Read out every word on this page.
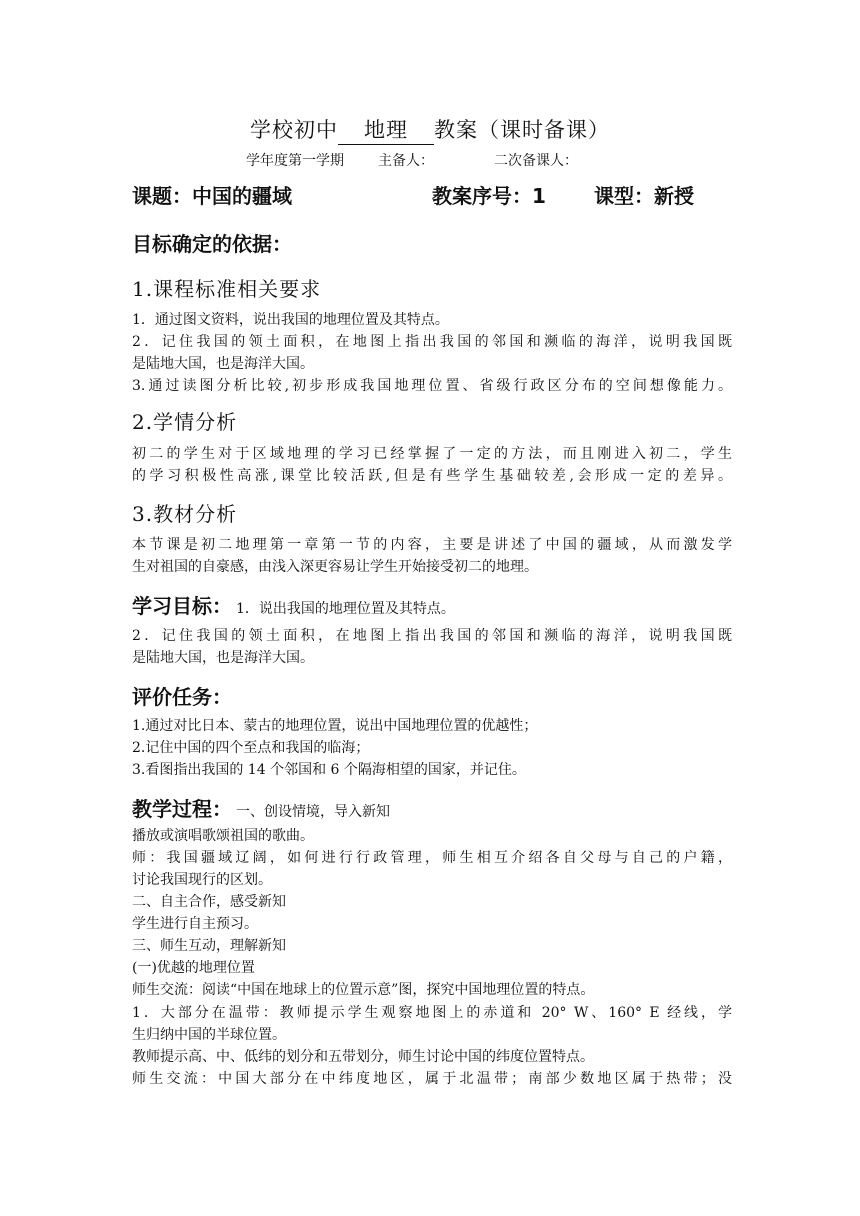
学校初中 地理 教案（课时备课）
学年度第一学期 主备人：	二次备课人：
课题：中国的疆域	教案序号：1 课型：新授
目标确定的依据：
1.课程标准相关要求
1．通过图文资料，说出我国的地理位置及其特点。
2．记住我国的领土面积，在地图上指出我国的邻国和濒临的海洋，说明我国既
是陆地大国，也是海洋大国。
3.通过读图分析比较,初步形成我国地理位置、省级行政区分布的空间想像能力。
2.学情分析
初二的学生对于区域地理的学习已经掌握了一定的方法，而且刚进入初二，学生
的学习积极性高涨,课堂比较活跃,但是有些学生基础较差,会形成一定的差异。
3.教材分析
本节课是初二地理第一章第一节的内容，主要是讲述了中国的疆域，从而激发学
生对祖国的自豪感，由浅入深更容易让学生开始接受初二的地理。
学习目标： 1．说出我国的地理位置及其特点。
2．记住我国的领土面积，在地图上指出我国的邻国和濒临的海洋，说明我国既
是陆地大国，也是海洋大国。
评价任务：
1.通过对比日本、蒙古的地理位置，说出中国地理位置的优越性；
2.记住中国的四个至点和我国的临海；
3.看图指出我国的 14 个邻国和 6 个隔海相望的国家，并记住。
教学过程： 一、创设情境，导入新知
播放或演唱歌颂祖国的歌曲。
师：我国疆域辽阔，如何进行行政管理，师生相互介绍各自父母与自己的户籍，
讨论我国现行的区划。
二、自主合作，感受新知
学生进行自主预习。
三、师生互动，理解新知
(一)优越的地理位置
师生交流：阅读“中国在地球上的位置示意”图，探究中国地理位置的特点。
1．大部分在温带：教师提示学生观察地图上的赤道和 20° W、160° E 经线，学
生归纳中国的半球位置。
教师提示高、中、低纬的划分和五带划分，师生讨论中国的纬度位置特点。
师生交流：中国大部分在中纬度地区，属于北温带；南部少数地区属于热带；没
